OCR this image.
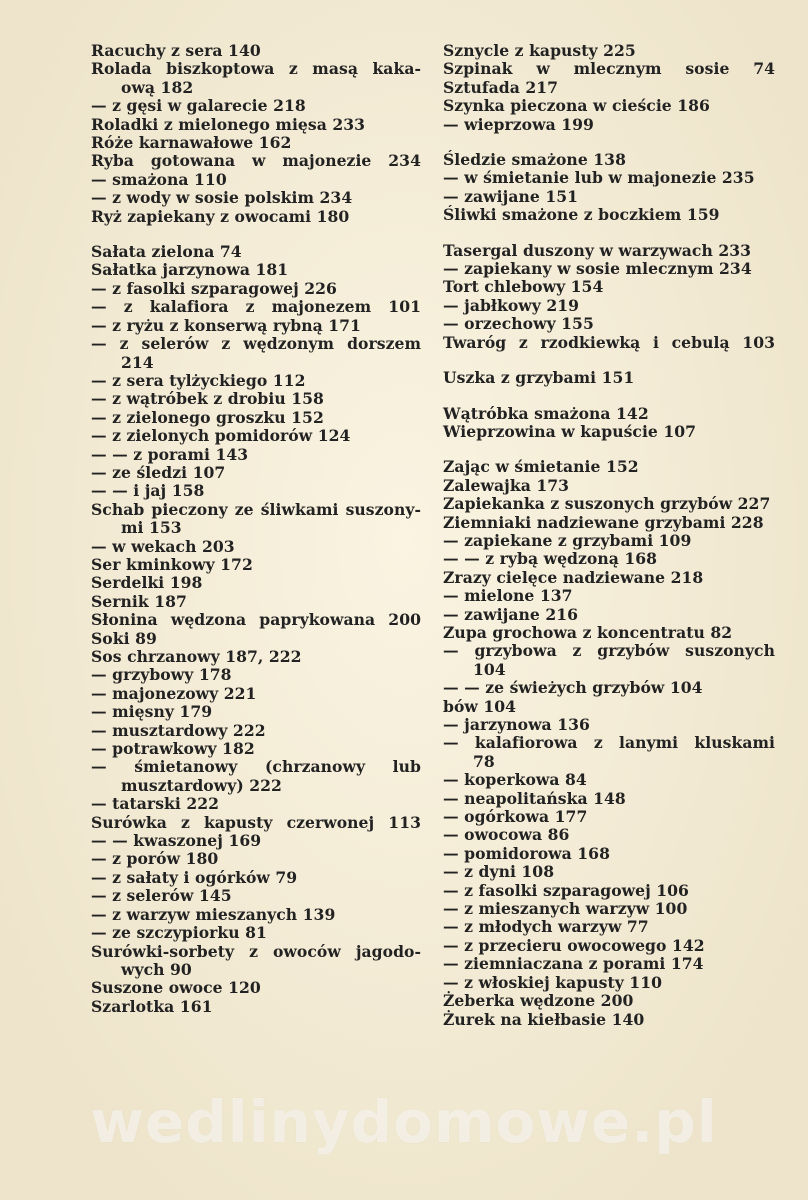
Racuchy z sera 140
Rolada biszkoptowa z masą kaka-
ową 182
— z gęsi w galarecie 218
Roladki z mielonego mięsa 233
Róże karnawałowe 162
Ryba gotowana w majonezie 234
— smażona 110
— z wody w sosie polskim 234
Ryż zapiekany z owocami 180
Sałata zielona 74
Sałatka jarzynowa 181
— z fasolki szparagowej 226
— z kalafiora z majonezem 101
— z ryżu z konserwą rybną 171
— z selerów z wędzonym dorszem
214
— z sera tylżyckiego 112
— z wątróbek z drobiu 158
— z zielonego groszku 152
— z zielonych pomidorów 124
— — z porami 143
— ze śledzi 107
— — i jaj 158
Schab pieczony ze śliwkami suszony-
mi 153
— w wekach 203
Ser kminkowy 172
Serdelki 198
Sernik 187
Słonina wędzona paprykowana 200
Soki 89
Sos chrzanowy 187, 222
— grzybowy 178
— majonezowy 221
— mięsny 179
— musztardowy 222
— potrawkowy 182
— śmietanowy (chrzanowy lub
musztardowy) 222
— tatarski 222
Surówka z kapusty czerwonej 113
— — kwaszonej 169
— z porów 180
— z sałaty i ogórków 79
— z selerów 145
— z warzyw mieszanych 139
— ze szczypiorku 81
Surówki-sorbety z owoców jagodo-
wych 90
Suszone owoce 120
Szarlotka 161
Sznycle z kapusty 225
Szpinak w mlecznym sosie 74
Sztufada 217
Szynka pieczona w cieście 186
— wieprzowa 199
Śledzie smażone 138
— w śmietanie lub w majonezie 235
— zawijane 151
Śliwki smażone z boczkiem 159
Tasergal duszony w warzywach 233
— zapiekany w sosie mlecznym 234
Tort chlebowy 154
— jabłkowy 219
— orzechowy 155
Twaróg z rzodkiewką i cebulą 103
Uszka z grzybami 151
Wątróbka smażona 142
Wieprzowina w kapuście 107
Zając w śmietanie 152
Zalewajka 173
Zapiekanka z suszonych grzybów 227
Ziemniaki nadziewane grzybami 228
— zapiekane z grzybami 109
— — z rybą wędzoną 168
Zrazy cielęce nadziewane 218
— mielone 137
— zawijane 216
Zupa grochowa z koncentratu 82
— grzybowa z grzybów suszonych
104
— — ze świeżych grzybów 104
bów 104
— jarzynowa 136
— kalafiorowa z lanymi kluskami
78
— koperkowa 84
— neapolitańska 148
— ogórkowa 177
— owocowa 86
— pomidorowa 168
— z dyni 108
— z fasolki szparagowej 106
— z mieszanych warzyw 100
— z młodych warzyw 77
— z przecieru owocowego 142
— ziemniaczana z porami 174
— z włoskiej kapusty 110
Żeberka wędzone 200
Żurek na kiełbasie 140
wedlinydomowe.pl
